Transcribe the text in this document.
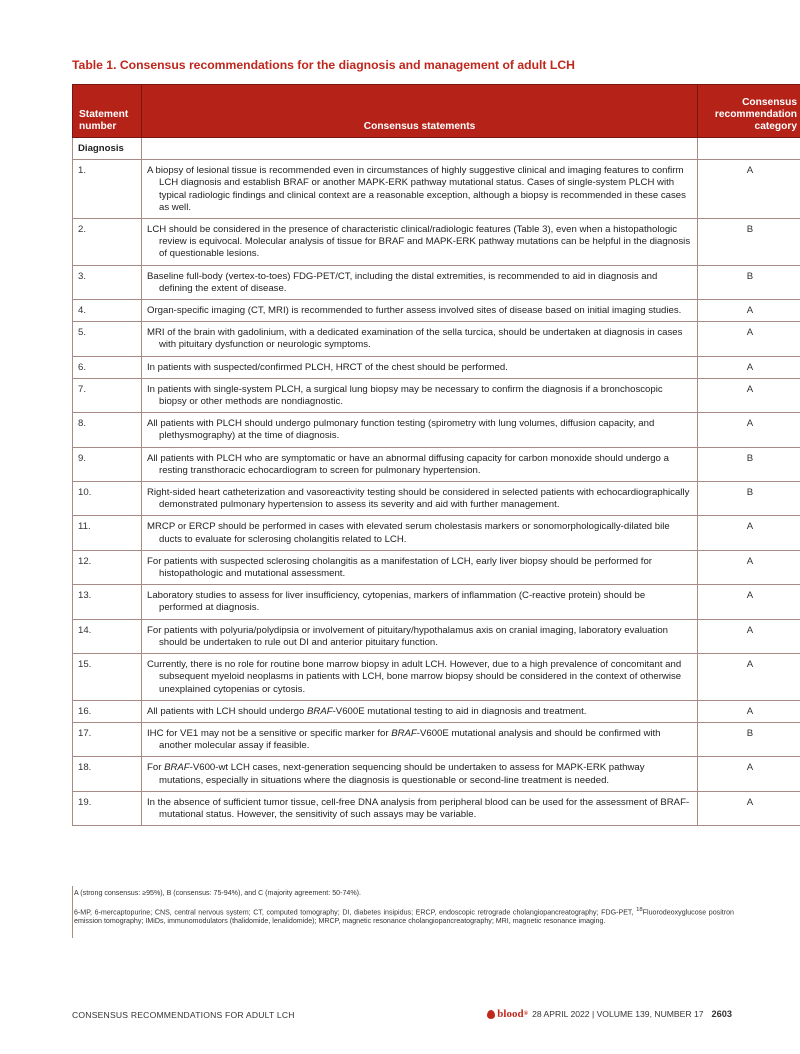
Table 1. Consensus recommendations for the diagnosis and management of adult LCH
Statement number	Consensus statements	Consensus recommendation category
Diagnosis		
1.	A biopsy of lesional tissue is recommended even in circumstances of highly suggestive clinical and imaging features to confirm LCH diagnosis and establish BRAF or another MAPK-ERK pathway mutational status. Cases of single-system PLCH with typical radiologic findings and clinical context are a reasonable exception, although a biopsy is recommended in these cases as well.	A
2.	LCH should be considered in the presence of characteristic clinical/radiologic features (Table 3), even when a histopathologic review is equivocal. Molecular analysis of tissue for BRAF and MAPK-ERK pathway mutations can be helpful in the diagnosis of questionable lesions.	B
3.	Baseline full-body (vertex-to-toes) FDG-PET/CT, including the distal extremities, is recommended to aid in diagnosis and defining the extent of disease.	B
4.	Organ-specific imaging (CT, MRI) is recommended to further assess involved sites of disease based on initial imaging studies.	A
5.	MRI of the brain with gadolinium, with a dedicated examination of the sella turcica, should be undertaken at diagnosis in cases with pituitary dysfunction or neurologic symptoms.	A
6.	In patients with suspected/confirmed PLCH, HRCT of the chest should be performed.	A
7.	In patients with single-system PLCH, a surgical lung biopsy may be necessary to confirm the diagnosis if a bronchoscopic biopsy or other methods are nondiagnostic.	A
8.	All patients with PLCH should undergo pulmonary function testing (spirometry with lung volumes, diffusion capacity, and plethysmography) at the time of diagnosis.	A
9.	All patients with PLCH who are symptomatic or have an abnormal diffusing capacity for carbon monoxide should undergo a resting transthoracic echocardiogram to screen for pulmonary hypertension.	B
10.	Right-sided heart catheterization and vasoreactivity testing should be considered in selected patients with echocardiographically demonstrated pulmonary hypertension to assess its severity and aid with further management.	B
11.	MRCP or ERCP should be performed in cases with elevated serum cholestasis markers or sonomorphologically-dilated bile ducts to evaluate for sclerosing cholangitis related to LCH.	A
12.	For patients with suspected sclerosing cholangitis as a manifestation of LCH, early liver biopsy should be performed for histopathologic and mutational assessment.	A
13.	Laboratory studies to assess for liver insufficiency, cytopenias, markers of inflammation (C-reactive protein) should be performed at diagnosis.	A
14.	For patients with polyuria/polydipsia or involvement of pituitary/hypothalamus axis on cranial imaging, laboratory evaluation should be undertaken to rule out DI and anterior pituitary function.	A
15.	Currently, there is no role for routine bone marrow biopsy in adult LCH. However, due to a high prevalence of concomitant and subsequent myeloid neoplasms in patients with LCH, bone marrow biopsy should be considered in the context of otherwise unexplained cytopenias or cytosis.	A
16.	All patients with LCH should undergo BRAF-V600E mutational testing to aid in diagnosis and treatment.	A
17.	IHC for VE1 may not be a sensitive or specific marker for BRAF-V600E mutational analysis and should be confirmed with another molecular assay if feasible.	B
18.	For BRAF-V600-wt LCH cases, next-generation sequencing should be undertaken to assess for MAPK-ERK pathway mutations, especially in situations where the diagnosis is questionable or second-line treatment is needed.	A
19.	In the absence of sufficient tumor tissue, cell-free DNA analysis from peripheral blood can be used for the assessment of BRAF-mutational status. However, the sensitivity of such assays may be variable.	A
A (strong consensus: ≥95%), B (consensus: 75-94%), and C (majority agreement: 50-74%).
6-MP, 6-mercaptopurine; CNS, central nervous system; CT, computed tomography; DI, diabetes insipidus; ERCP, endoscopic retrograde cholangiopancreatography; FDG-PET, $^{18}$Fluorodeoxyglucose positron emission tomography; IMiDs, immunomodulators (thalidomide, lenalidomide); MRCP, magnetic resonance cholangiopancreatography; MRI, magnetic resonance imaging.
CONSENSUS RECOMMENDATIONS FOR ADULT LCH	blood ® 28 APRIL 2022 | VOLUME 139, NUMBER 17 2603
